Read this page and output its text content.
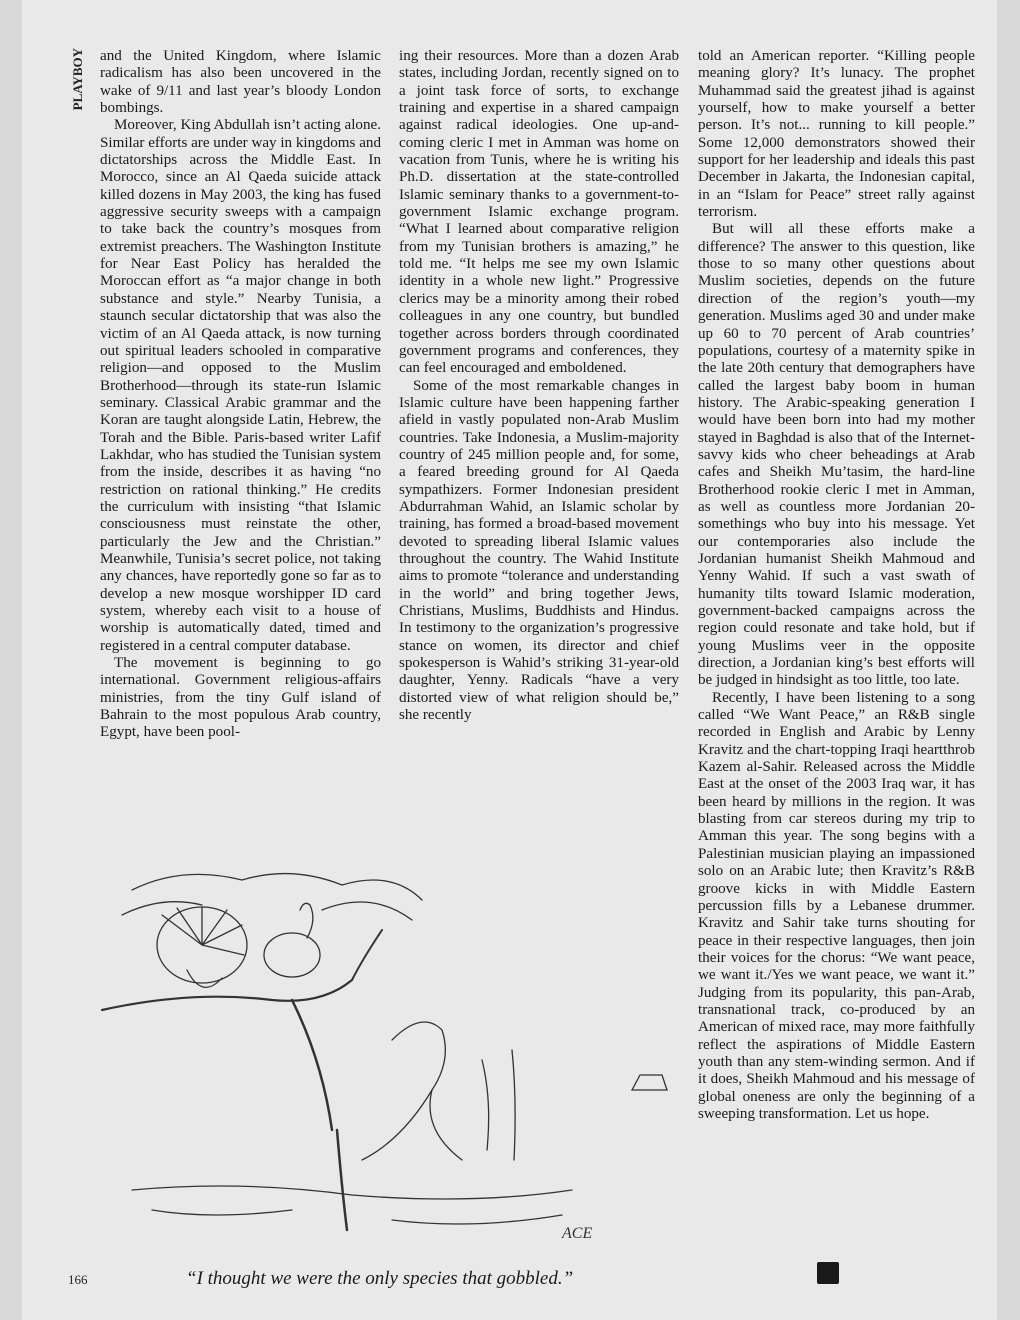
PLAYBOY and the United Kingdom, where Islamic radicalism has also been uncovered in the wake of 9/11 and last year’s bloody London bombings.

Moreover, King Abdullah isn’t acting alone. Similar efforts are under way in kingdoms and dictatorships across the Middle East. In Morocco, since an Al Qaeda suicide attack killed dozens in May 2003, the king has fused aggressive security sweeps with a campaign to take back the country’s mosques from extremist preachers. The Washington Institute for Near East Policy has heralded the Moroccan effort as “a major change in both substance and style.” Nearby Tunisia, a staunch secular dictatorship that was also the victim of an Al Qaeda attack, is now turning out spiritual leaders schooled in comparative religion—and opposed to the Muslim Brotherhood—through its state-run Islamic seminary. Classical Arabic grammar and the Koran are taught alongside Latin, Hebrew, the Torah and the Bible. Paris-based writer Lafif Lakhdar, who has studied the Tunisian system from the inside, describes it as having “no restriction on rational thinking.” He credits the curriculum with insisting “that Islamic consciousness must reinstate the other, particularly the Jew and the Christian.” Meanwhile, Tunisia’s secret police, not taking any chances, have reportedly gone so far as to develop a new mosque worshipper ID card system, whereby each visit to a house of worship is automatically dated, timed and registered in a central computer database.

The movement is beginning to go international. Government religious-affairs ministries, from the tiny Gulf island of Bahrain to the most populous Arab country, Egypt, have been pool-

ing their resources. More than a dozen Arab states, including Jordan, recently signed on to a joint task force of sorts, to exchange training and expertise in a shared campaign against radical ideologies. One up-and-coming cleric I met in Amman was home on vacation from Tunis, where he is writing his Ph.D. dissertation at the state-controlled Islamic seminary thanks to a government-to-government Islamic exchange program. “What I learned about comparative religion from my Tunisian brothers is amazing,” he told me. “It helps me see my own Islamic identity in a whole new light.” Progressive clerics may be a minority among their robed colleagues in any one country, but bundled together across borders through coordinated government programs and conferences, they can feel encouraged and emboldened.

Some of the most remarkable changes in Islamic culture have been happening farther afield in vastly populated non-Arab Muslim countries. Take Indonesia, a Muslim-majority country of 245 million people and, for some, a feared breeding ground for Al Qaeda sympathizers. Former Indonesian president Abdurrahman Wahid, an Islamic scholar by training, has formed a broad-based movement devoted to spreading liberal Islamic values throughout the country. The Wahid Institute aims to promote “tolerance and understanding in the world” and bring together Jews, Christians, Muslims, Buddhists and Hindus. In testimony to the organization’s progressive stance on women, its director and chief spokesperson is Wahid’s striking 31-year-old daughter, Yenny. Radicals “have a very distorted view of what religion should be,” she recently

told an American reporter. “Killing people meaning glory? It’s lunacy. The prophet Muhammad said the greatest jihad is against yourself, how to make yourself a better person. It’s not... running to kill people.” Some 12,000 demonstrators showed their support for her leadership and ideals this past December in Jakarta, the Indonesian capital, in an “Islam for Peace” street rally against terrorism.

But will all these efforts make a difference? The answer to this question, like those to so many other questions about Muslim societies, depends on the future direction of the region’s youth—my generation. Muslims aged 30 and under make up 60 to 70 percent of Arab countries’ populations, courtesy of a maternity spike in the late 20th century that demographers have called the largest baby boom in human history. The Arabic-speaking generation I would have been born into had my mother stayed in Baghdad is also that of the Internet-savvy kids who cheer beheadings at Arab cafes and Sheikh Mu’tasim, the hard-line Brotherhood rookie cleric I met in Amman, as well as countless more Jordanian 20-somethings who buy into his message. Yet our contemporaries also include the Jordanian humanist Sheikh Mahmoud and Yenny Wahid. If such a vast swath of humanity tilts toward Islamic moderation, government-backed campaigns across the region could resonate and take hold, but if young Muslims veer in the opposite direction, a Jordanian king’s best efforts will be judged in hindsight as too little, too late.

Recently, I have been listening to a song called “We Want Peace,” an R&B single recorded in English and Arabic by Lenny Kravitz and the chart-topping Iraqi heartthrob Kazem al-Sahir. Released across the Middle East at the onset of the 2003 Iraq war, it has been heard by millions in the region. It was blasting from car stereos during my trip to Amman this year. The song begins with a Palestinian musician playing an impassioned solo on an Arabic lute; then Kravitz’s R&B groove kicks in with Middle Eastern percussion fills by a Lebanese drummer. Kravitz and Sahir take turns shouting for peace in their respective languages, then join their voices for the chorus: “We want peace, we want it./Yes we want peace, we want it.” Judging from its popularity, this pan-Arab, transnational track, co-produced by an American of mixed race, may more faithfully reflect the aspirations of Middle Eastern youth than any stem-winding sermon. And if it does, Sheikh Mahmoud and his message of global oneness are only the beginning of a sweeping transformation. Let us hope.

ACE
166	“I thought we were the only species that gobbled.”
